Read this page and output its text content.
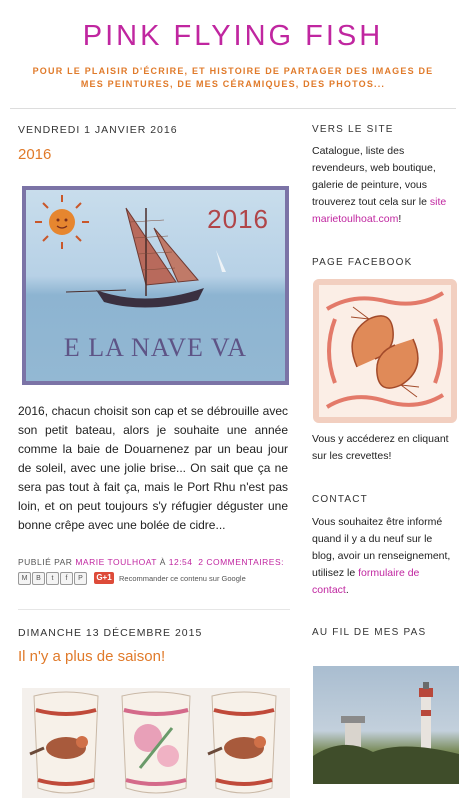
PINK FLYING FISH
POUR LE PLAISIR D'ÉCRIRE, ET HISTOIRE DE PARTAGER DES IMAGES DE MES PEINTURES, DE MES CÉRAMIQUES, DES PHOTOS...
VENDREDI 1 JANVIER 2016
2016
2016
E LA NAVE VA
2016, chacun choisit son cap et se débrouille avec son petit bateau, alors je souhaite une année comme la baie de Douarnenez par un beau jour de soleil, avec une jolie brise... On sait que ça ne sera pas tout à fait ça, mais le Port Rhu n'est pas loin, et on peut toujours s'y réfugier déguster une bonne crêpe avec une bolée de cidre...
PUBLIÉ PAR MARIE TOULHOAT À 12:54 2 COMMENTAIRES:
M	B	t	f	P	G+1 Recommander ce contenu sur Google
DIMANCHE 13 DÉCEMBRE 2015
Il n'y a plus de saison!
VERS LE SITE
Catalogue, liste des revendeurs, web boutique, galerie de peinture, vous trouverez tout cela sur le site marietoulhoat.com!
PAGE FACEBOOK
Vous y accéderez en cliquant sur les crevettes!
CONTACT
Vous souhaitez être informé quand il y a du neuf sur le blog, avoir un renseignement, utilisez le formulaire de contact.
AU FIL DE MES PAS
